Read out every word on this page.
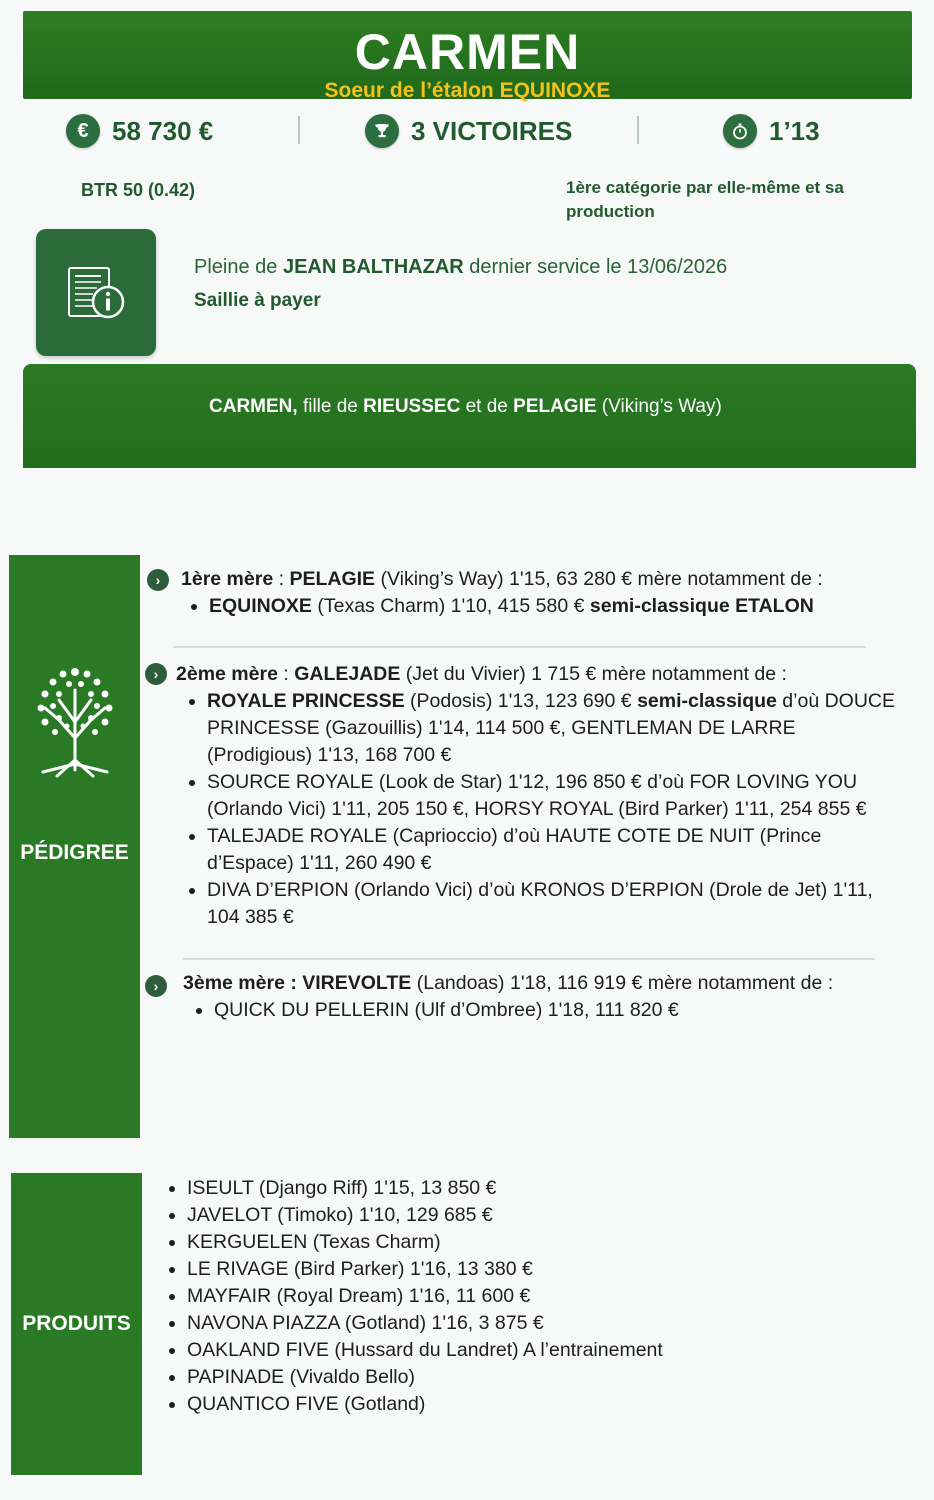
CARMEN
Soeur de l’étalon EQUINOXE
€ 58 730 €	3 VICTOIRES	1’13
BTR 50 (0.42)	1ère catégorie par elle-même et sa production
Pleine de JEAN BALTHAZAR dernier service le 13/06/2026
Saillie à payer
CARMEN, fille de RIEUSSEC et de PELAGIE (Viking’s Way)
PÉDIGREE
›	1ère mère : PELAGIE (Viking’s Way) 1'15, 63 280 € mère notamment de :
• EQUINOXE (Texas Charm) 1'10, 415 580 € semi-classique ETALON
› 2ème mère : GALEJADE (Jet du Vivier) 1 715 € mère notamment de :
• ROYALE PRINCESSE (Podosis) 1'13, 123 690 € semi-classique d’où DOUCE PRINCESSE (Gazouillis) 1'14, 114 500 €, GENTLEMAN DE LARRE (Prodigious) 1'13, 168 700 €
• SOURCE ROYALE (Look de Star) 1'12, 196 850 € d’où FOR LOVING YOU (Orlando Vici) 1'11, 205 150 €, HORSY ROYAL (Bird Parker) 1'11, 254 855 €
• TALEJADE ROYALE (Caprioccio) d’où HAUTE COTE DE NUIT (Prince d’Espace) 1'11, 260 490 €
• DIVA D’ERPION (Orlando Vici) d’où KRONOS D’ERPION (Drole de Jet) 1'11, 104 385 €
›	3ème mère : VIREVOLTE (Landoas) 1'18, 116 919 € mère notamment de :
• QUICK DU PELLERIN (Ulf d’Ombree) 1'18, 111 820 €
PRODUITS
• ISEULT (Django Riff) 1'15, 13 850 €
• JAVELOT (Timoko) 1'10, 129 685 €
• KERGUELEN (Texas Charm)
• LE RIVAGE (Bird Parker) 1'16, 13 380 €
• MAYFAIR (Royal Dream) 1'16, 11 600 €
• NAVONA PIAZZA (Gotland) 1'16, 3 875 €
• OAKLAND FIVE (Hussard du Landret) A l’entrainement
• PAPINADE (Vivaldo Bello)
• QUANTICO FIVE (Gotland)
